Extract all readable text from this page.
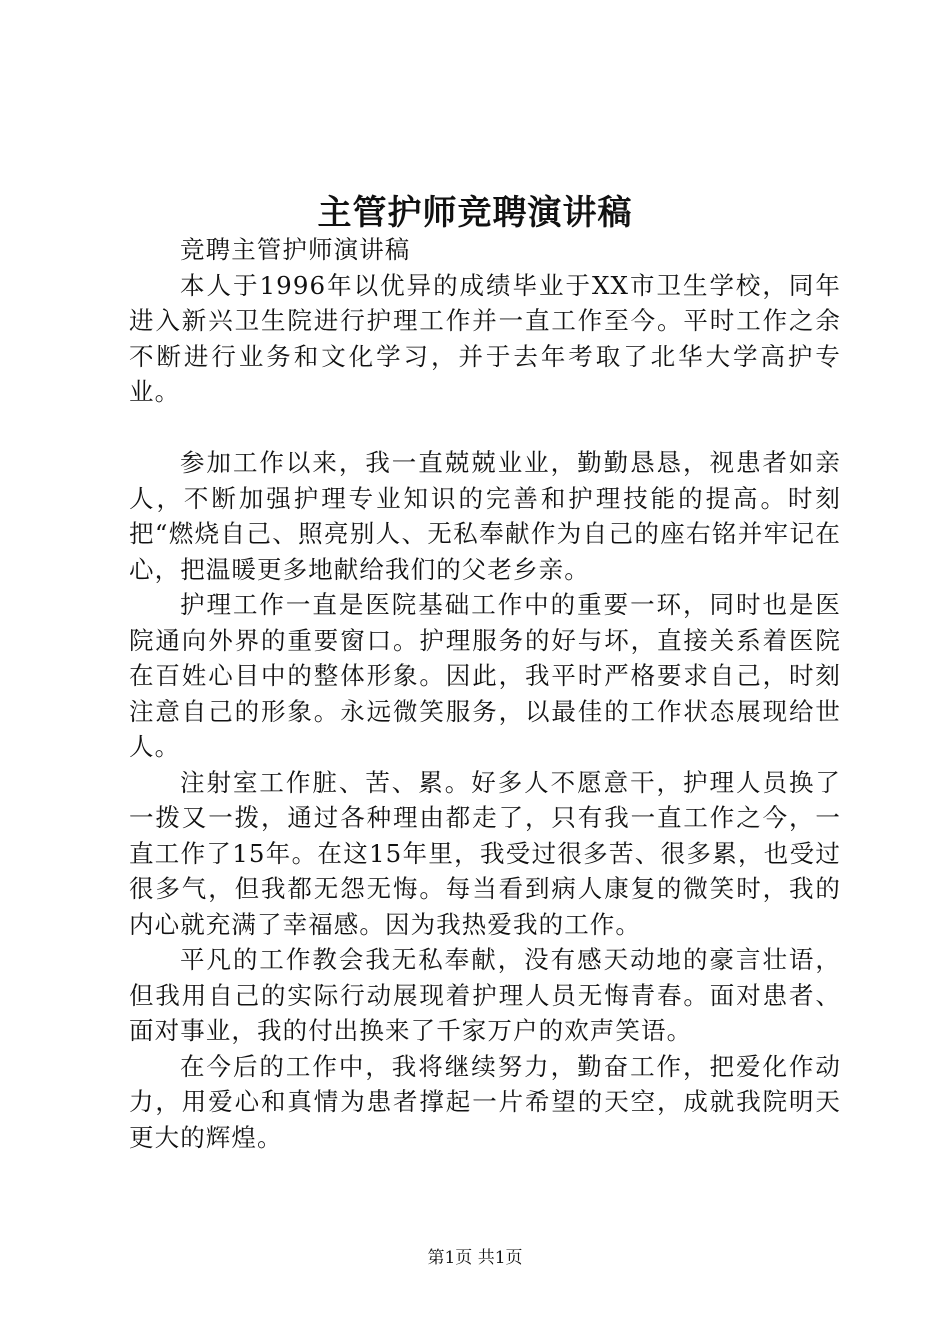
主管护师竞聘演讲稿

竞聘主管护师演讲稿

本人于1996年以优异的成绩毕业于XX市卫生学校，同年进入新兴卫生院进行护理工作并一直工作至今。平时工作之余不断进行业务和文化学习，并于去年考取了北华大学高护专业。

参加工作以来，我一直兢兢业业，勤勤恳恳，视患者如亲人，不断加强护理专业知识的完善和护理技能的提高。时刻把“燃烧自己、照亮别人、无私奉献作为自己的座右铭并牢记在心，把温暖更多地献给我们的父老乡亲。

护理工作一直是医院基础工作中的重要一环，同时也是医院通向外界的重要窗口。护理服务的好与坏，直接关系着医院在百姓心目中的整体形象。因此，我平时严格要求自己，时刻注意自己的形象。永远微笑服务，以最佳的工作状态展现给世人。

注射室工作脏、苦、累。好多人不愿意干，护理人员换了一拨又一拨，通过各种理由都走了，只有我一直工作之今，一直工作了15年。在这15年里，我受过很多苦、很多累，也受过很多气，但我都无怨无悔。每当看到病人康复的微笑时，我的内心就充满了幸福感。因为我热爱我的工作。

平凡的工作教会我无私奉献，没有感天动地的豪言壮语，但我用自己的实际行动展现着护理人员无悔青春。面对患者、面对事业，我的付出换来了千家万户的欢声笑语。

在今后的工作中，我将继续努力，勤奋工作，把爱化作动力，用爱心和真情为患者撑起一片希望的天空，成就我院明天更大的辉煌。

第1页 共1页
